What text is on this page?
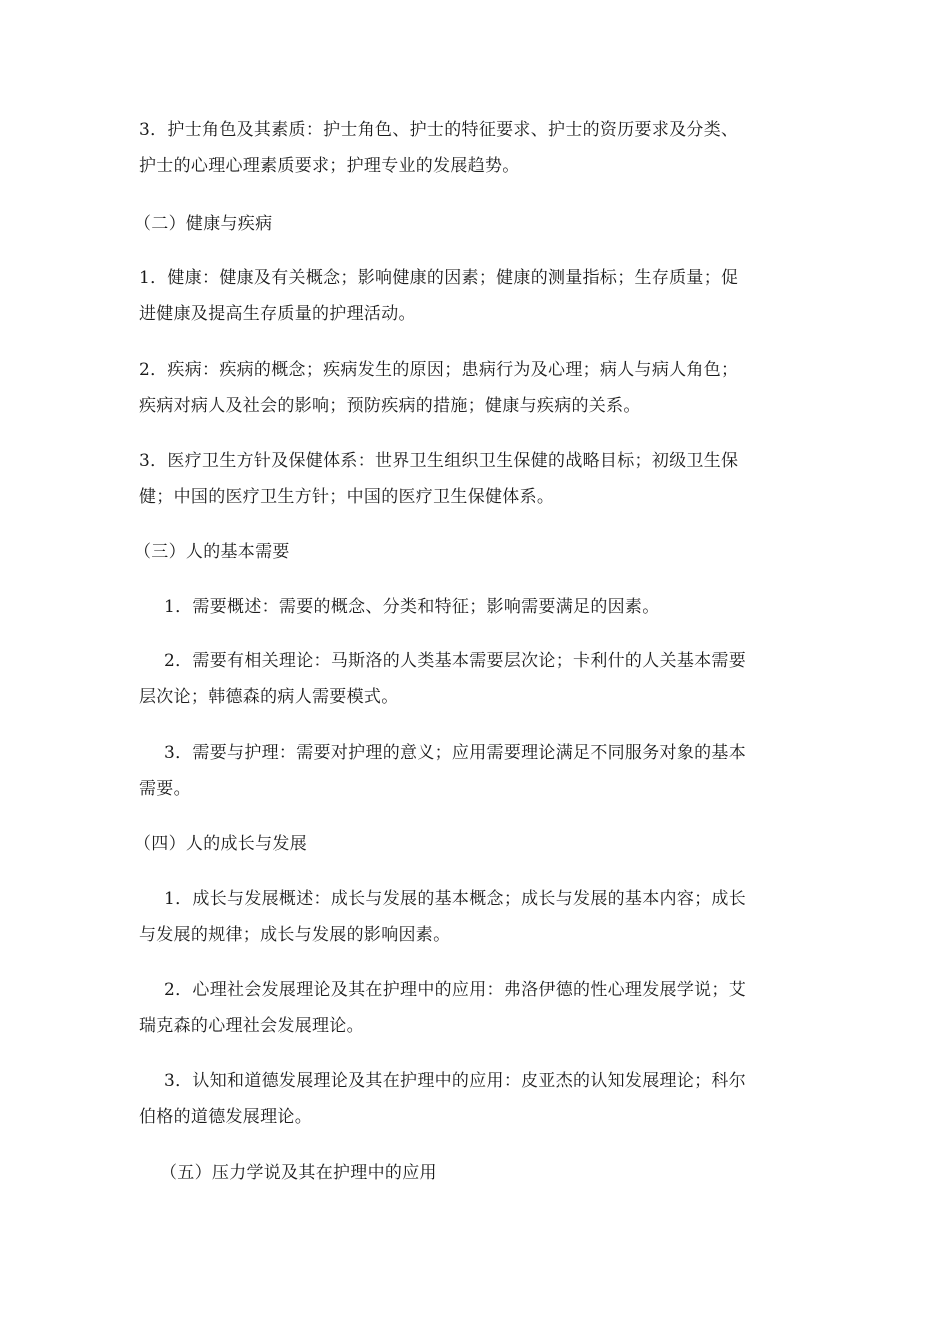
3．护士角色及其素质：护士角色、护士的特征要求、护士的资历要求及分类、
护士的心理心理素质要求；护理专业的发展趋势。

（二）健康与疾病

1．健康：健康及有关概念；影响健康的因素；健康的测量指标；生存质量；促
进健康及提高生存质量的护理活动。

2．疾病：疾病的概念；疾病发生的原因；患病行为及心理；病人与病人角色；
疾病对病人及社会的影响；预防疾病的措施；健康与疾病的关系。

3．医疗卫生方针及保健体系：世界卫生组织卫生保健的战略目标；初级卫生保
健；中国的医疗卫生方针；中国的医疗卫生保健体系。

（三）人的基本需要

1．需要概述：需要的概念、分类和特征；影响需要满足的因素。

2．需要有相关理论：马斯洛的人类基本需要层次论；卡利什的人关基本需要
层次论；韩德森的病人需要模式。

3．需要与护理：需要对护理的意义；应用需要理论满足不同服务对象的基本
需要。

（四）人的成长与发展

1．成长与发展概述：成长与发展的基本概念；成长与发展的基本内容；成长
与发展的规律；成长与发展的影响因素。

2．心理社会发展理论及其在护理中的应用：弗洛伊德的性心理发展学说；艾
瑞克森的心理社会发展理论。

3．认知和道德发展理论及其在护理中的应用：皮亚杰的认知发展理论；科尔
伯格的道德发展理论。

（五）压力学说及其在护理中的应用
